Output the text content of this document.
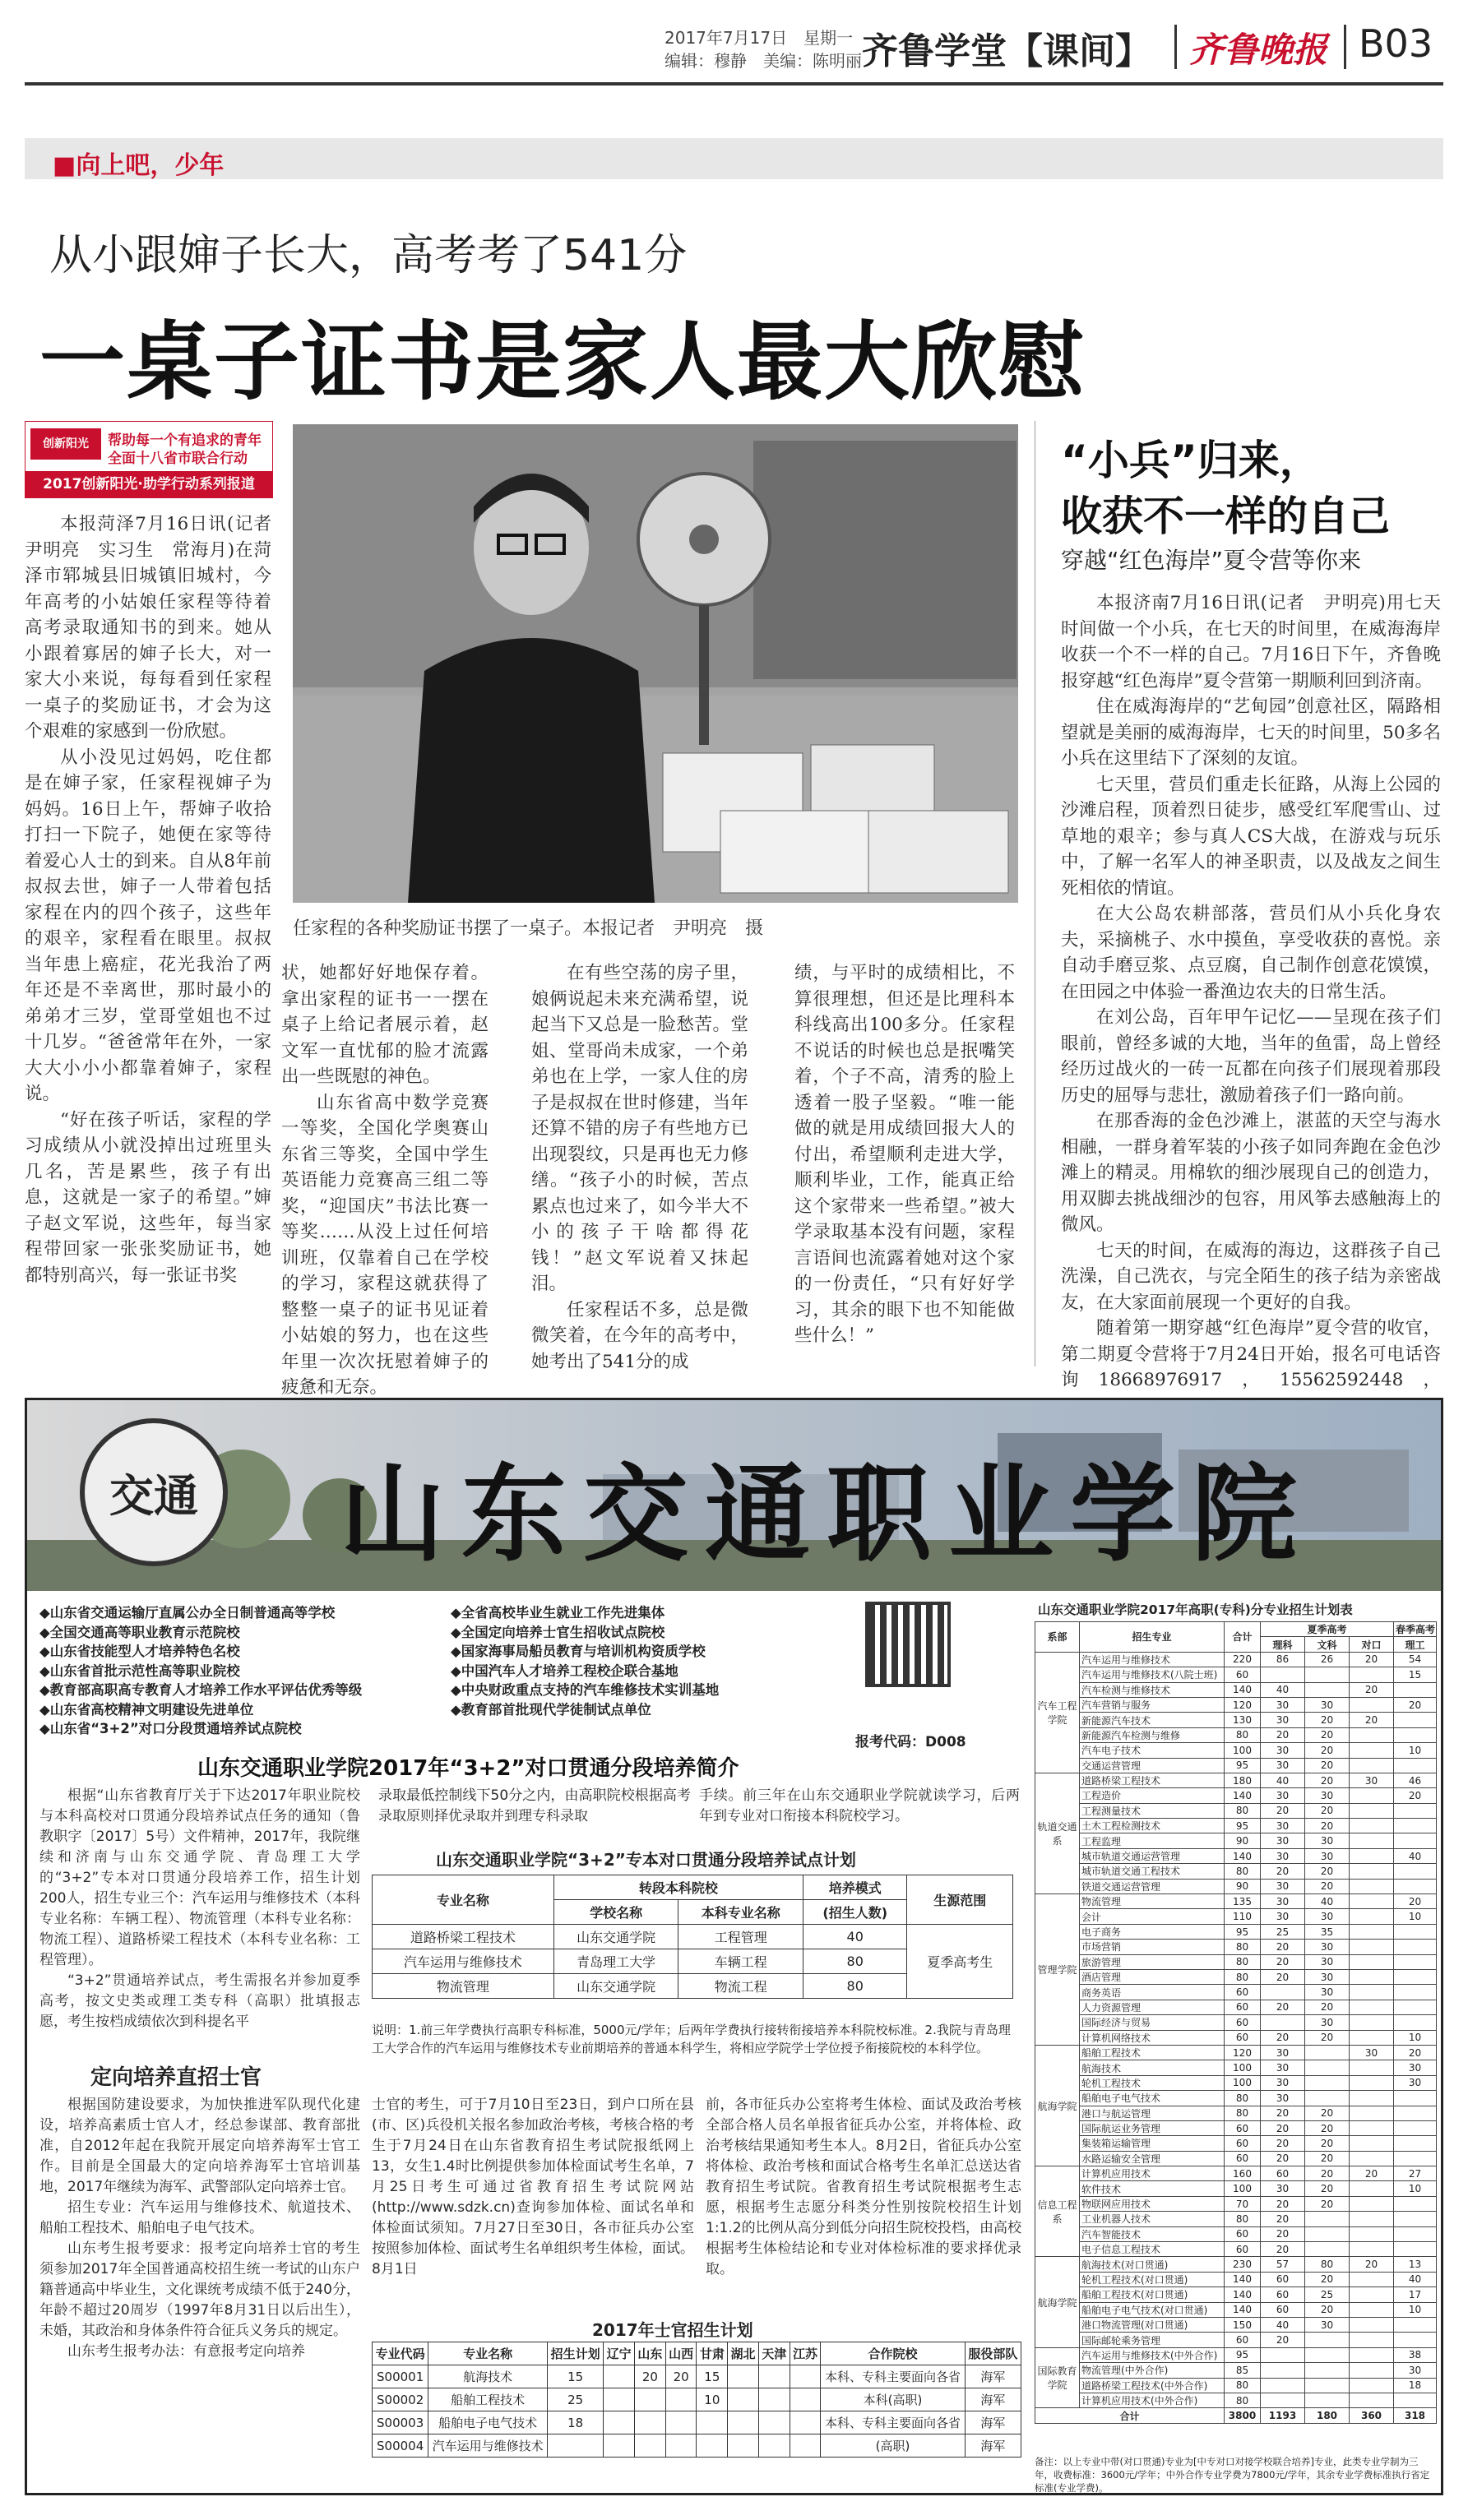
2017年7月17日　星期一
编辑：穆静　美编：陈明丽 齐鲁学堂【课间】 齐鲁晚报 B03
■向上吧，少年
从小跟婶子长大，高考考了541分
一桌子证书是家人最大欣慰
创新阳光	帮助每一个有追求的青年
全面十八省市联合行动
2017创新阳光·助学行动系列报道
任家程的各种奖励证书摆了一桌子。本报记者　尹明亮　摄

本报菏泽7月16日讯(记者　尹明亮　实习生　常海月)在菏泽市郓城县旧城镇旧城村，今年高考的小姑娘任家程等待着高考录取通知书的到来。她从小跟着寡居的婶子长大，对一家大小来说，每每看到任家程一桌子的奖励证书，才会为这个艰难的家感到一份欣慰。

从小没见过妈妈，吃住都是在婶子家，任家程视婶子为妈妈。16日上午，帮婶子收拾打扫一下院子，她便在家等待着爱心人士的到来。自从8年前叔叔去世，婶子一人带着包括家程在内的四个孩子，这些年的艰辛，家程看在眼里。叔叔当年患上癌症，花光我治了两年还是不幸离世，那时最小的弟弟才三岁，堂哥堂姐也不过十几岁。“爸爸常年在外，一家大大小小小都靠着婶子，家程说。

“好在孩子听话，家程的学习成绩从小就没掉出过班里头几名，苦是累些，孩子有出息，这就是一家子的希望。”婶子赵文军说，这些年，每当家程带回家一张张奖励证书，她都特别高兴，每一张证书奖

状，她都好好地保存着。拿出家程的证书一一摆在桌子上给记者展示着，赵文军一直忧郁的脸才流露出一些既慰的神色。

山东省高中数学竞赛一等奖，全国化学奥赛山东省三等奖，全国中学生英语能力竞赛高三组二等奖，“迎国庆”书法比赛一等奖……从没上过任何培训班，仅靠着自己在学校的学习，家程这就获得了整整一桌子的证书见证着小姑娘的努力，也在这些年里一次次抚慰着婶子的疲惫和无奈。

在有些空荡的房子里，娘俩说起未来充满希望，说起当下又总是一脸愁苦。堂姐、堂哥尚未成家，一个弟弟也在上学，一家人住的房子是叔叔在世时修建，当年还算不错的房子有些地方已出现裂纹，只是再也无力修缮。“孩子小的时候，苦点累点也过来了，如今半大不小的孩子干啥都得花钱！”赵文军说着又抹起泪。

任家程话不多，总是微微笑着，在今年的高考中，她考出了541分的成

绩，与平时的成绩相比，不算很理想，但还是比理科本科线高出100多分。任家程不说话的时候也总是抿嘴笑着，个子不高，清秀的脸上透着一股子坚毅。“唯一能做的就是用成绩回报大人的付出，希望顺利走进大学，顺利毕业，工作，能真正给这个家带来一些希望。”被大学录取基本没有问题，家程言语间也流露着她对这个家的一份责任，“只有好好学习，其余的眼下也不知能做些什么！”

“小兵”归来，
收获不一样的自己
穿越“红色海岸”夏令营等你来

本报济南7月16日讯(记者　尹明亮)用七天时间做一个小兵，在七天的时间里，在威海海岸收获一个不一样的自己。7月16日下午，齐鲁晚报穿越“红色海岸”夏令营第一期顺利回到济南。

住在威海海岸的“艺甸园”创意社区，隔路相望就是美丽的威海海岸，七天的时间里，50多名小兵在这里结下了深刻的友谊。

七天里，营员们重走长征路，从海上公园的沙滩启程，顶着烈日徒步，感受红军爬雪山、过草地的艰辛；参与真人CS大战，在游戏与玩乐中，了解一名军人的神圣职责，以及战友之间生死相依的情谊。

在大公岛农耕部落，营员们从小兵化身农夫，采摘桃子、水中摸鱼，享受收获的喜悦。亲自动手磨豆浆、点豆腐，自己制作创意花馍馍，在田园之中体验一番渔边农夫的日常生活。

在刘公岛，百年甲午记忆——呈现在孩子们眼前，曾经多诚的大地，当年的鱼雷，岛上曾经经历过战火的一砖一瓦都在向孩子们展现着那段历史的屈辱与悲壮，激励着孩子们一路向前。

在那香海的金色沙滩上，湛蓝的天空与海水相融，一群身着军装的小孩子如同奔跑在金色沙滩上的精灵。用棉软的细沙展现自己的创造力，用双脚去挑战细沙的包容，用风筝去感触海上的微风。

七天的时间，在威海的海边，这群孩子自己洗澡，自己洗衣，与完全陌生的孩子结为亲密战友，在大家面前展现一个更好的自我。

随着第一期穿越“红色海岸”夏令营的收官，第二期夏令营将于7月24日开始，报名可电话咨询18668976917，15562592448，

交通 山东交通职业学院
◆山东省交通运输厅直属公办全日制普通高等学校
◆全国交通高等职业教育示范院校
◆山东省技能型人才培养特色名校
◆山东省首批示范性高等职业院校
◆教育部高职高专教育人才培养工作水平评估优秀等级
◆山东省高校精神文明建设先进单位
◆山东省“3+2”对口分段贯通培养试点院校
◆全省高校毕业生就业工作先进集体
◆全国定向培养士官生招收试点院校
◆国家海事局船员教育与培训机构资质学校
◆中国汽车人才培养工程校企联合基地
◆中央财政重点支持的汽车维修技术实训基地
◆教育部首批现代学徒制试点单位
报考代码：D008
山东交通职业学院2017年“3+2”对口贯通分段培养简介

根据“山东省教育厅关于下达2017年职业院校与本科高校对口贯通分段培养试点任务的通知（鲁教职字〔2017〕5号）文件精神，2017年，我院继续和济南与山东交通学院、青岛理工大学的“3+2”专本对口贯通分段培养工作，招生计划200人，招生专业三个：汽车运用与维修技术（本科专业名称：车辆工程）、物流管理（本科专业名称：物流工程）、道路桥梁工程技术（本科专业名称：工程管理）。

“3+2”贯通培养试点，考生需报名并参加夏季高考，按文史类或理工类专科（高职）批填报志愿，考生按档成绩依次到科提名平

录取最低控制线下50分之内，由高职院校根据高考录取原则择优录取并到理专科录取

手续。前三年在山东交通职业学院就读学习，后两年到专业对口衔接本科院校学习。

山东交通职业学院“3+2”专本对口贯通分段培养试点计划
专业名称	转段本科院校		培养模式	生源范围
	学校名称	本科专业名称	(招生人数)	
道路桥梁工程技术	山东交通学院	工程管理	40	夏季高考生
汽车运用与维修技术	青岛理工大学	车辆工程	80	
物流管理	山东交通学院	物流工程	80	
说明：1.前三年学费执行高职专科标准，5000元/学年；后两年学费执行接转衔接培养本科院校标准。2.我院与青岛理工大学合作的汽车运用与维修技术专业前期培养的普通本科学生，将相应学院学士学位授予衔接院校的本科学位。
定向培养直招士官

根据国防建设要求，为加快推进军队现代化建设，培养高素质士官人才，经总参谋部、教育部批准，自2012年起在我院开展定向培养海军士官工作。目前是全国最大的定向培养海军士官培训基地，2017年继续为海军、武警部队定向培养士官。

招生专业：汽车运用与维修技术、航道技术、船舶工程技术、船舶电子电气技术。

山东考生报考要求：报考定向培养士官的考生须参加2017年全国普通高校招生统一考试的山东户籍普通高中毕业生，文化课统考成绩不低于240分，年龄不超过20周岁（1997年8月31日以后出生），未婚，其政治和身体条件符合征兵义务兵的规定。

山东考生报考办法：有意报考定向培养

士官的考生，可于7月10日至23日，到户口所在县(市、区)兵役机关报名参加政治考核，考核合格的考生于7月24日在山东省教育招生考试院报纸网上13，女生1.4时比例提供参加体检面试考生名单，7月25日考生可通过省教育招生考试院网站(http://www.sdzk.cn)查询参加体检、面试名单和体检面试须知。7月27日至30日，各市征兵办公室按照参加体检、面试考生名单组织考生体检，面试。8月1日

前，各市征兵办公室将考生体检、面试及政治考核全部合格人员名单报省征兵办公室，并将体检、政治考核结果通知考生本人。8月2日，省征兵办公室将体检、政治考核和面试合格考生名单汇总送达省教育招生考试院。省教育招生考试院根据考生志愿，根据考生志愿分科类分性别按院校招生计划1:1.2的比例从高分到低分向招生院校投档，由高校根据考生体检结论和专业对体检标准的要求择优录取。

2017年士官招生计划
专业代码	专业名称	招生计划	辽宁	山东	山西	甘肃	湖北	天津	江苏	合作院校	服役部队
S00001	航海技术	15		20	20	15				本科、专科主要面向各省	海军
S00002	船舶工程技术	25				10				本科(高职)	海军
S00003	船舶电子电气技术	18								本科、专科主要面向各省	海军
S00004	汽车运用与维修技术									(高职)	海军
山东交通职业学院2017年高职(专科)分专业招生计划表
系部	招生专业	合计	夏季高考			春季高考
			理科	文科	对口	理工
汽车工程学院	汽车运用与维修技术	220	86	26	20	54
	汽车运用与维修技术(八院士班)	60				15
	汽车检测与维修技术	140	40		20	
	汽车营销与服务	120	30	30		20
	新能源汽车技术	130	30	20	20	
	新能源汽车检测与维修	80	20	20		
	汽车电子技术	100	30	20		10
	交通运营管理	95	30	20		
轨道交通系	道路桥梁工程技术	180	40	20	30	46
	工程造价	140	30	30		20
	工程测量技术	80	20	20		
	土木工程检测技术	95	30	20		
	工程监理	90	30	30		
	城市轨道交通运营管理	140	30	30		40
	城市轨道交通工程技术	80	20	20		
	铁道交通运营管理	90	30	20		
管理学院	物流管理	135	30	40		20
	会计	110	30	30		10
	电子商务	95	25	35		
	市场营销	80	20	30		
	旅游管理	80	20	30		
	酒店管理	80	20	30		
	商务英语	60		30		
	人力资源管理	60	20	20		
	国际经济与贸易	60		30		
	计算机网络技术	60	20	20		10
航海学院	船舶工程技术	120	30		30	20
	航海技术	100	30			30
	轮机工程技术	100	30			30
	船舶电子电气技术	80	30			
	港口与航运管理	80	20	20		
	国际航运业务管理	60	20	20		
	集装箱运输管理	60	20	20		
	水路运输安全管理	60	20	20		
信息工程系	计算机应用技术	160	60	20	20	27
	软件技术	100	30	20		10
	物联网应用技术	70	20	20		
	工业机器人技术	80	20			
	汽车智能技术	60	20			
	电子信息工程技术	60	20			
航海学院	航海技术(对口贯通)	230	57	80	20	13
	轮机工程技术(对口贯通)	140	60	20		40
	船舶工程技术(对口贯通)	140	60	25		17
	船舶电子电气技术(对口贯通)	140	60	20		10
	港口物流管理(对口贯通)	150	40	30		
	国际邮轮乘务管理	60	20			
国际教育学院	汽车运用与维修技术(中外合作)	95				38
	物流管理(中外合作)	85				30
	道路桥梁工程技术(中外合作)	80				18
	计算机应用技术(中外合作)	80				
合计		3800	1193	180	360	318
备注：以上专业中带(对口贯通)专业为[中专对口对接学校联合培养]专业，此类专业学制为三年，收费标准：3600元/学年；中外合作专业学费为7800元/学年，其余专业学费标准执行省定标准(专业学费)。
